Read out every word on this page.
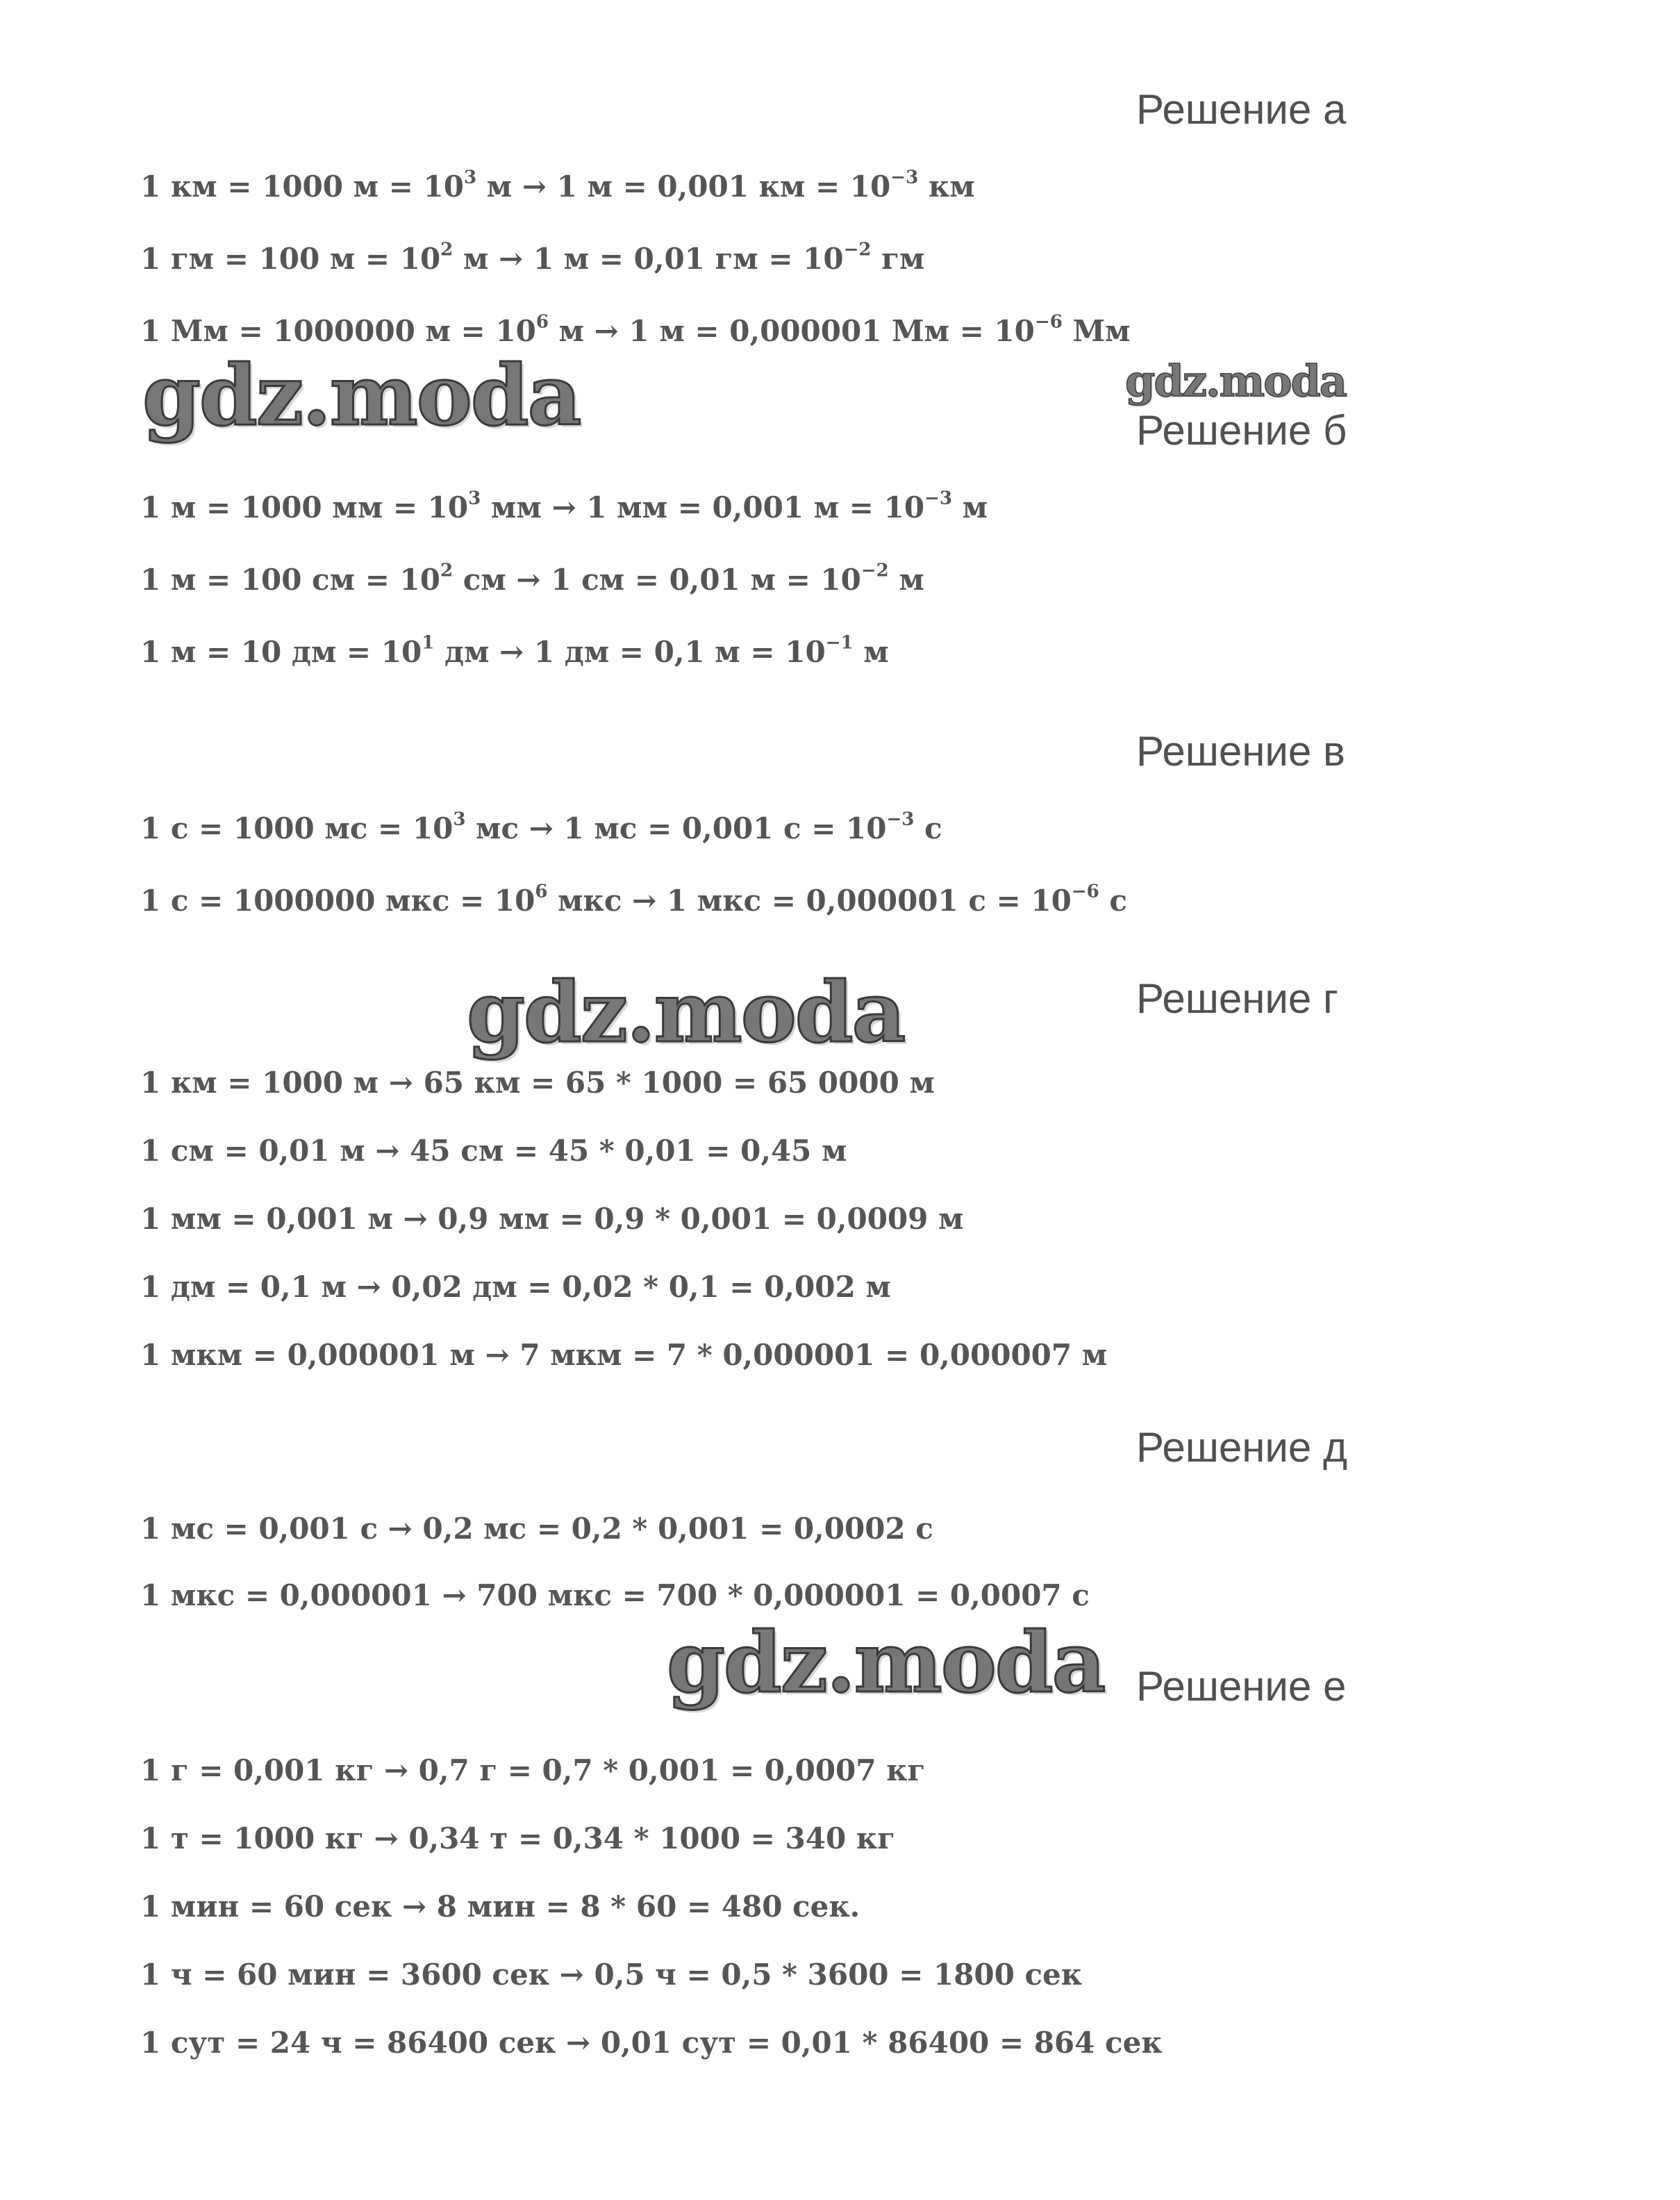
Решение а
1 км = 1000 $м = 10^3$ м → 1 м = 0,001 км = $10^{-3}$ км
1 гм = 100 $м = 10^2$ м → 1 м = 0,01 гм = $10^{-2}$ гм
1 Мм = 1000000 $м = 10^6$ м → 1 м = 0,000001 Мм = $10^{-6}$ Мм
gdz.moda	gdz.moda
Решение б
1 м = 1000 мм = $10^3$ мм → 1 мм = 0,001 $м = 10^{-3}$ м
1 м = 100 см = $10^2$ см → 1 см = 0,01 $м = 10^{-2}$ м
1 м = 10 дм = $10^1$ дм → 1 дм = 0,1 $м = 10^{-1}$ м
Решение в
1 с = 1000 мс = $10^3$ мс → 1 мс = 0,001 $с = 10^{-3}$ с
1 с = 1000000 мкс = $10^6$ мкс → 1 мкс = 0,000001 $с = 10^{-6}$ с
gdz.moda	Решение г
1 км = 1000 м → 65 км = 65 * 1000 = 65 0000 м
1 см = 0,01 м → 45 см = 45 * 0,01 = 0,45 м
1 мм = 0,001 м → 0,9 мм = 0,9 * 0,001 = 0,0009 м
1 дм = 0,1 м → 0,02 дм = 0,02 * 0,1 = 0,002 м
1 мкм = 0,000001 м → 7 мкм = 7 * 0,000001 = 0,000007 м
Решение д
1 мс = 0,001 с → 0,2 мс = 0,2 * 0,001 = 0,0002 с
1 мкс = 0,000001 → 700 мкс = 700 * 0,000001 = 0,0007 с
gdz.moda Решение е
1 г = 0,001 кг → 0,7 г = 0,7 * 0,001 = 0,0007 кг
1 т = 1000 кг → 0,34 т = 0,34 * 1000 = 340 кг
1 мин = 60 сек → 8 мин = 8 * 60 = 480 сек.
1 ч = 60 мин = 3600 сек → 0,5 ч = 0,5 * 3600 = 1800 сек
1 сут = 24 ч = 86400 сек → 0,01 сут = 0,01 * 86400 = 864 сек
